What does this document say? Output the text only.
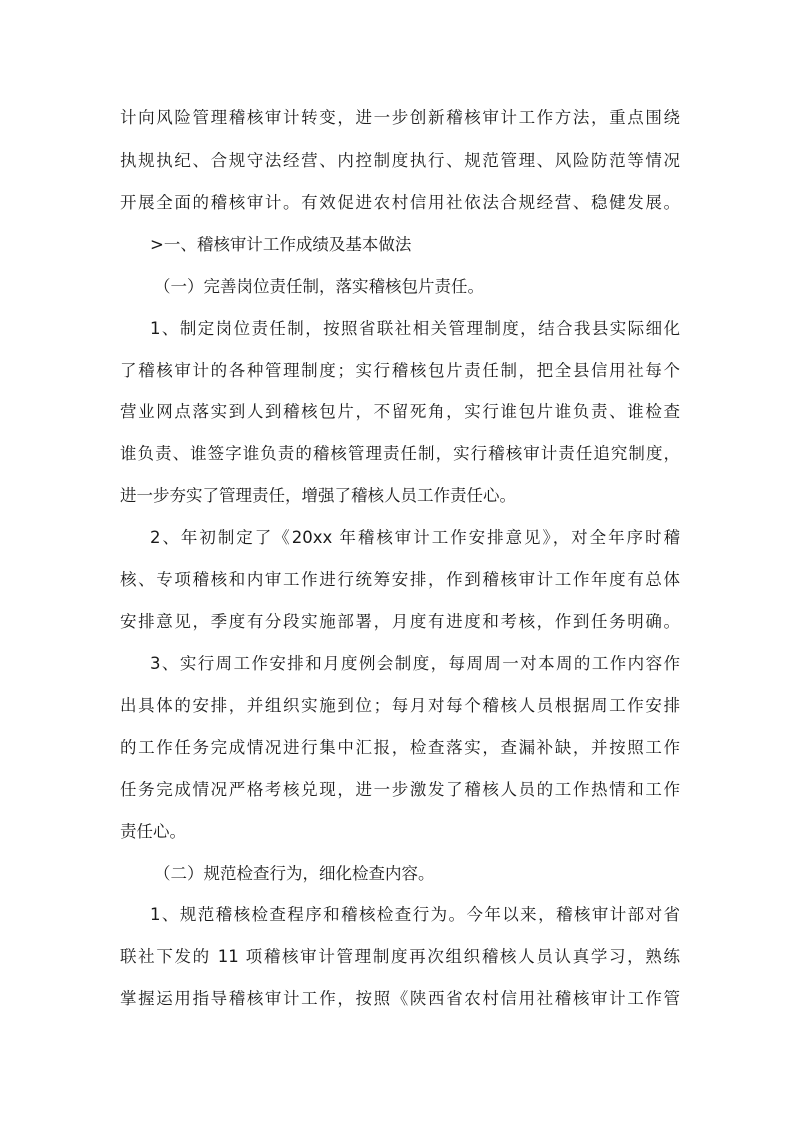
计向风险管理稽核审计转变，进一步创新稽核审计工作方法，重点围绕
执规执纪、合规守法经营、内控制度执行、规范管理、风险防范等情况
开展全面的稽核审计。有效促进农村信用社依法合规经营、稳健发展。
>一、稽核审计工作成绩及基本做法
（一）完善岗位责任制，落实稽核包片责任。
1、制定岗位责任制，按照省联社相关管理制度，结合我县实际细化
了稽核审计的各种管理制度；实行稽核包片责任制，把全县信用社每个
营业网点落实到人到稽核包片，不留死角，实行谁包片谁负责、谁检查
谁负责、谁签字谁负责的稽核管理责任制，实行稽核审计责任追究制度，
进一步夯实了管理责任，增强了稽核人员工作责任心。
2、年初制定了《20xx 年稽核审计工作安排意见》，对全年序时稽
核、专项稽核和内审工作进行统筹安排，作到稽核审计工作年度有总体
安排意见，季度有分段实施部署，月度有进度和考核，作到任务明确。
3、实行周工作安排和月度例会制度，每周周一对本周的工作内容作
出具体的安排，并组织实施到位；每月对每个稽核人员根据周工作安排
的工作任务完成情况进行集中汇报，检查落实，查漏补缺，并按照工作
任务完成情况严格考核兑现，进一步激发了稽核人员的工作热情和工作
责任心。
（二）规范检查行为，细化检查内容。
1、规范稽核检查程序和稽核检查行为。今年以来，稽核审计部对省
联社下发的 11 项稽核审计管理制度再次组织稽核人员认真学习，熟练
掌握运用指导稽核审计工作，按照《陕西省农村信用社稽核审计工作管
